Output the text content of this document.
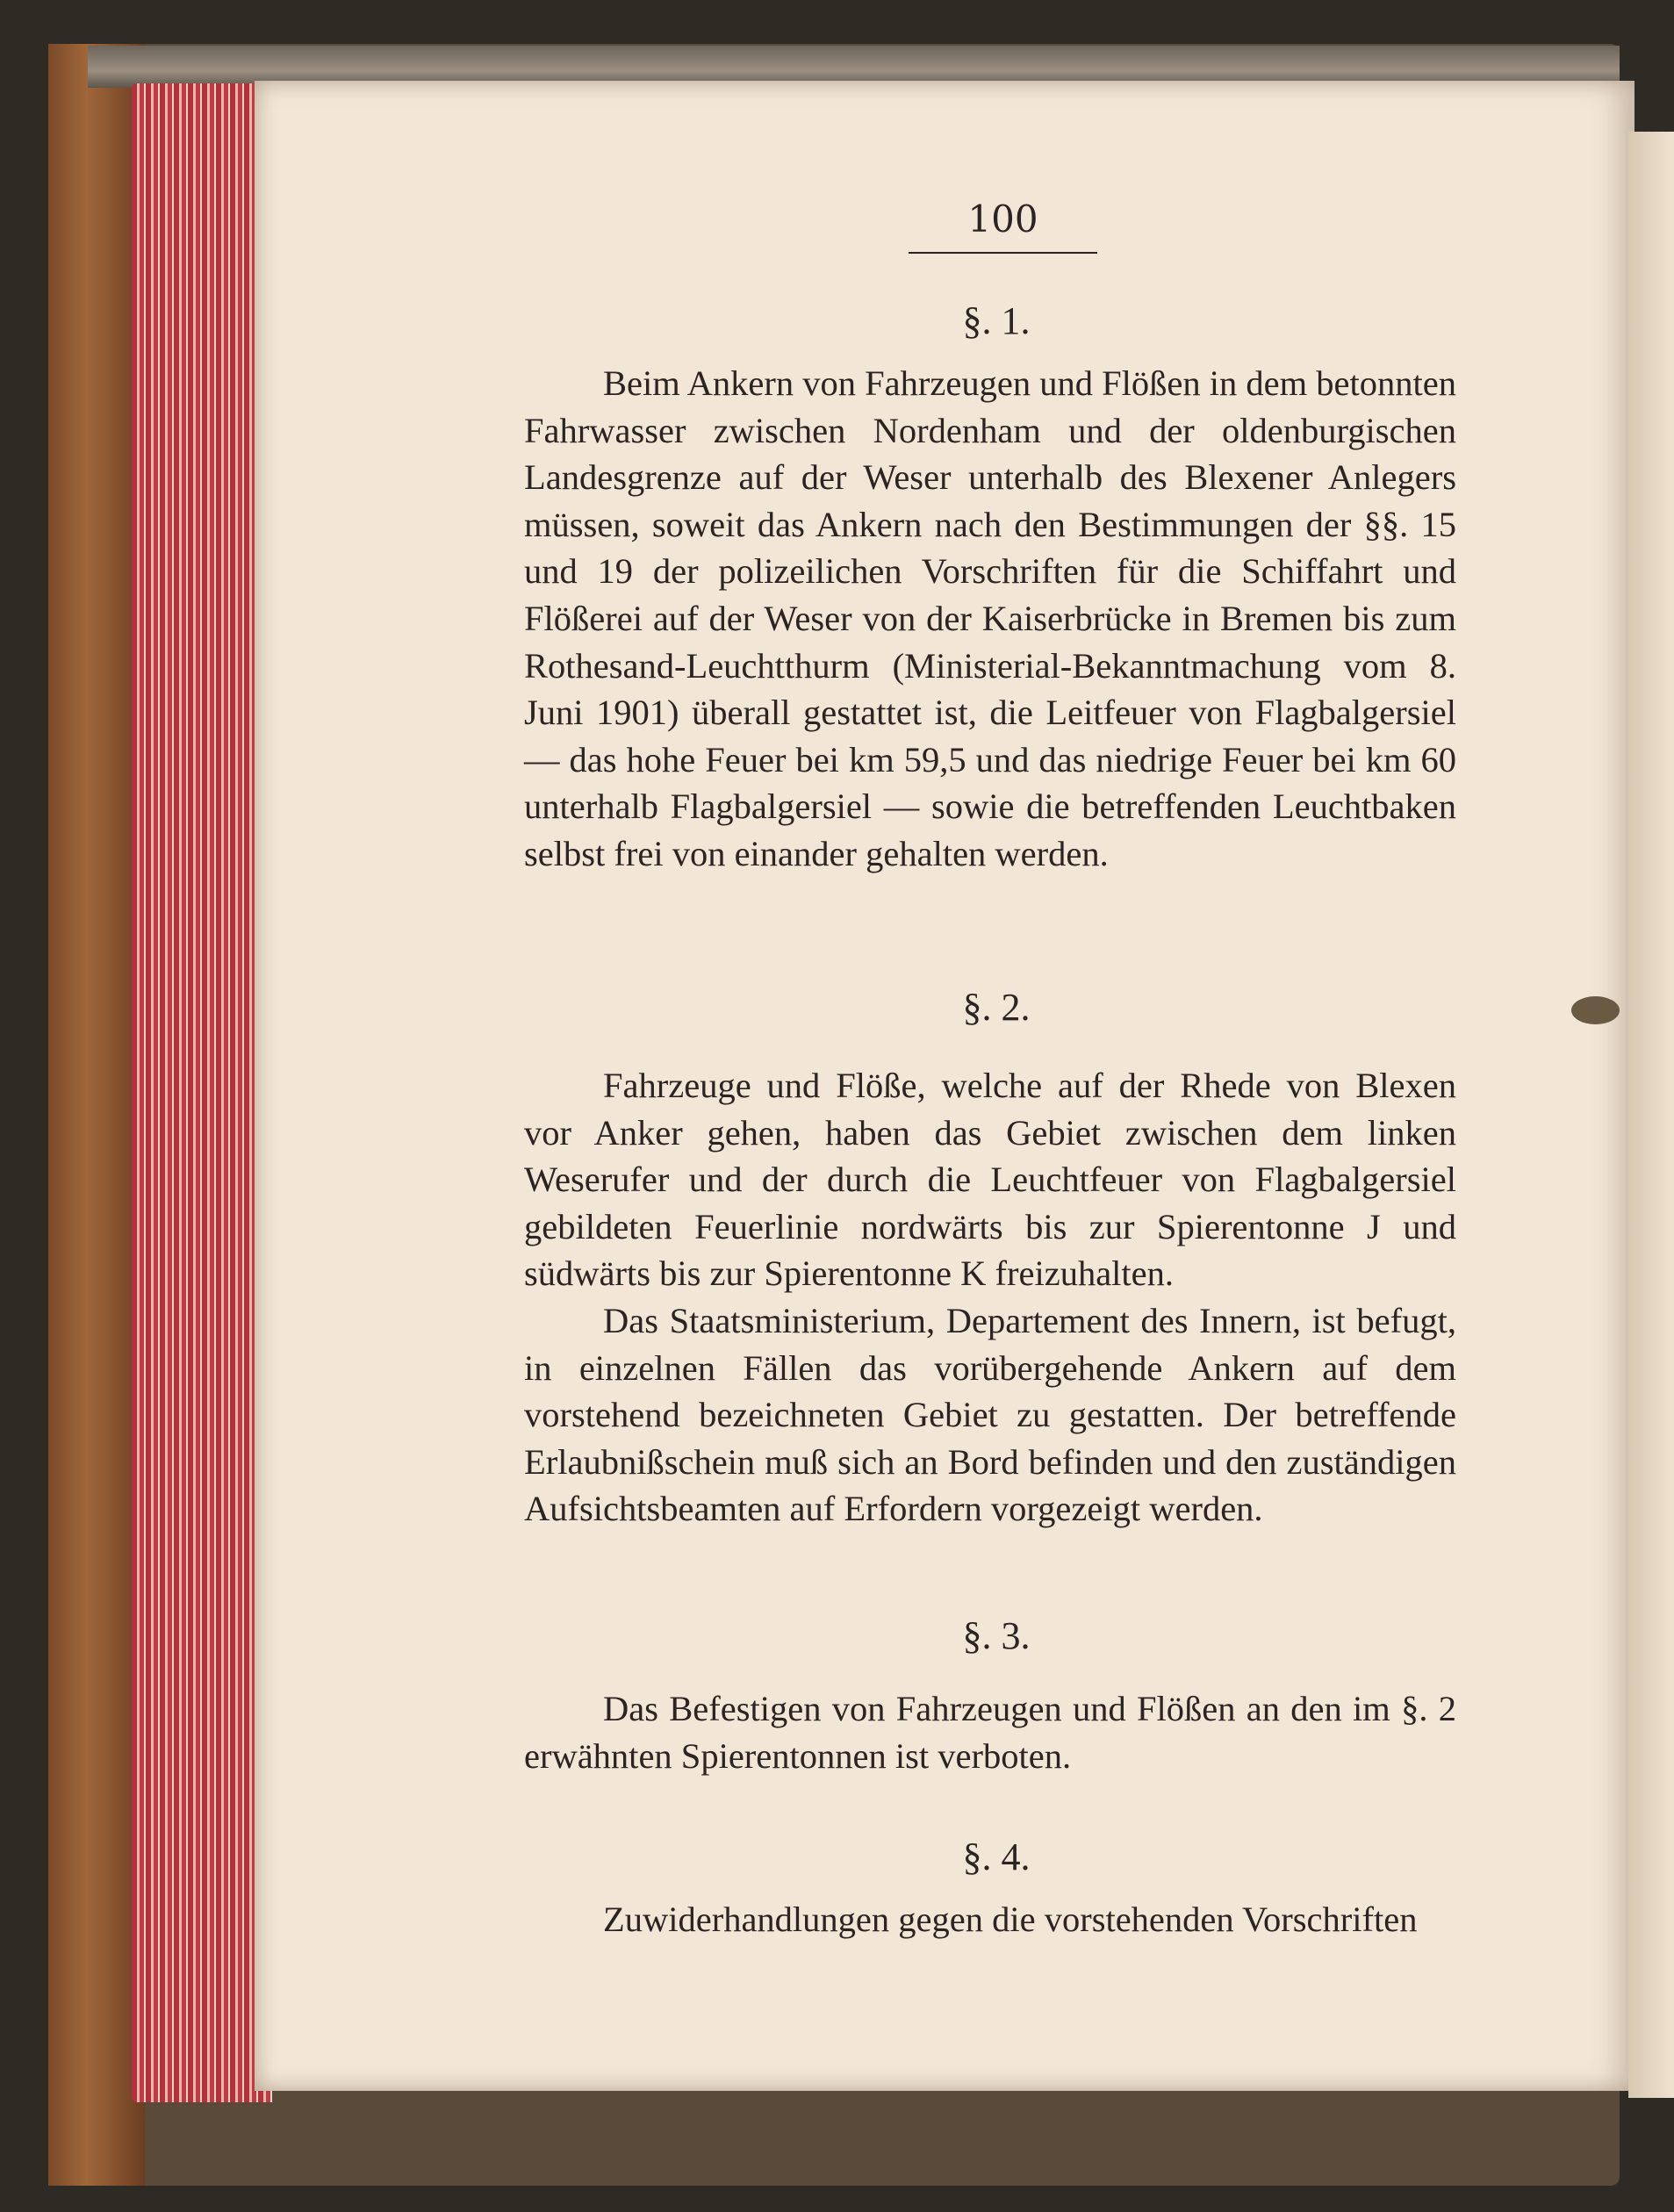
100
§. 1.

Beim Ankern von Fahrzeugen und Flößen in dem betonnten Fahrwasser zwischen Nordenham und der oldenburgischen Landesgrenze auf der Weser unterhalb des Blexener Anlegers müssen, soweit das Ankern nach den Bestimmungen der §§. 15 und 19 der polizeilichen Vorschriften für die Schiffahrt und Flößerei auf der Weser von der Kaiserbrücke in Bremen bis zum Rothesand-Leuchtthurm (Ministerial-Bekanntmachung vom 8. Juni 1901) überall gestattet ist, die Leitfeuer von Flagbalgersiel — das hohe Feuer bei km 59,5 und das niedrige Feuer bei km 60 unterhalb Flagbalgersiel — sowie die betreffenden Leuchtbaken selbst frei von einander gehalten werden.

§. 2.

Fahrzeuge und Flöße, welche auf der Rhede von Blexen vor Anker gehen, haben das Gebiet zwischen dem linken Weserufer und der durch die Leuchtfeuer von Flagbalgersiel gebildeten Feuerlinie nordwärts bis zur Spierentonne J und südwärts bis zur Spierentonne K freizuhalten.

Das Staatsministerium, Departement des Innern, ist befugt, in einzelnen Fällen das vorübergehende Ankern auf dem vorstehend bezeichneten Gebiet zu gestatten. Der betreffende Erlaubnißschein muß sich an Bord befinden und den zuständigen Aufsichtsbeamten auf Erfordern vorgezeigt werden.

§. 3.

Das Befestigen von Fahrzeugen und Flößen an den im §. 2 erwähnten Spierentonnen ist verboten.

§. 4.

Zuwiderhandlungen gegen die vorstehenden Vorschriften
